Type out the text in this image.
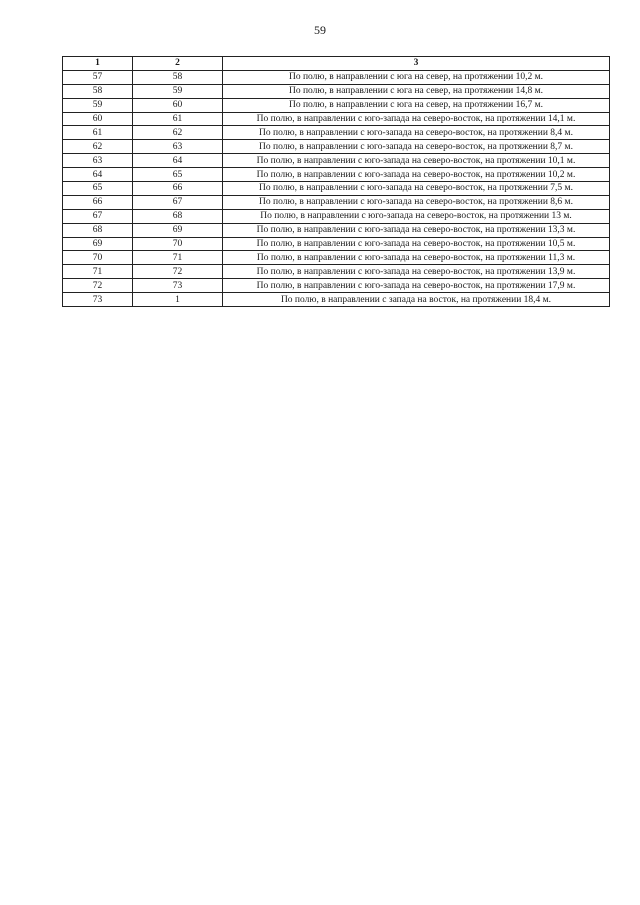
59
1	2	3
57	58	По полю, в направлении с юга на север, на протяжении 10,2 м.
58	59	По полю, в направлении с юга на север, на протяжении 14,8 м.
59	60	По полю, в направлении с юга на север, на протяжении 16,7 м.
60	61	По полю, в направлении с юго-запада на северо-восток, на протяжении 14,1 м.
61	62	По полю, в направлении с юго-запада на северо-восток, на протяжении 8,4 м.
62	63	По полю, в направлении с юго-запада на северо-восток, на протяжении 8,7 м.
63	64	По полю, в направлении с юго-запада на северо-восток, на протяжении 10,1 м.
64	65	По полю, в направлении с юго-запада на северо-восток, на протяжении 10,2 м.
65	66	По полю, в направлении с юго-запада на северо-восток, на протяжении 7,5 м.
66	67	По полю, в направлении с юго-запада на северо-восток, на протяжении 8,6 м.
67	68	По полю, в направлении с юго-запада на северо-восток, на протяжении 13 м.
68	69	По полю, в направлении с юго-запада на северо-восток, на протяжении 13,3 м.
69	70	По полю, в направлении с юго-запада на северо-восток, на протяжении 10,5 м.
70	71	По полю, в направлении с юго-запада на северо-восток, на протяжении 11,3 м.
71	72	По полю, в направлении с юго-запада на северо-восток, на протяжении 13,9 м.
72	73	По полю, в направлении с юго-запада на северо-восток, на протяжении 17,9 м.
73	1	По полю, в направлении с запада на восток, на протяжении 18,4 м.
